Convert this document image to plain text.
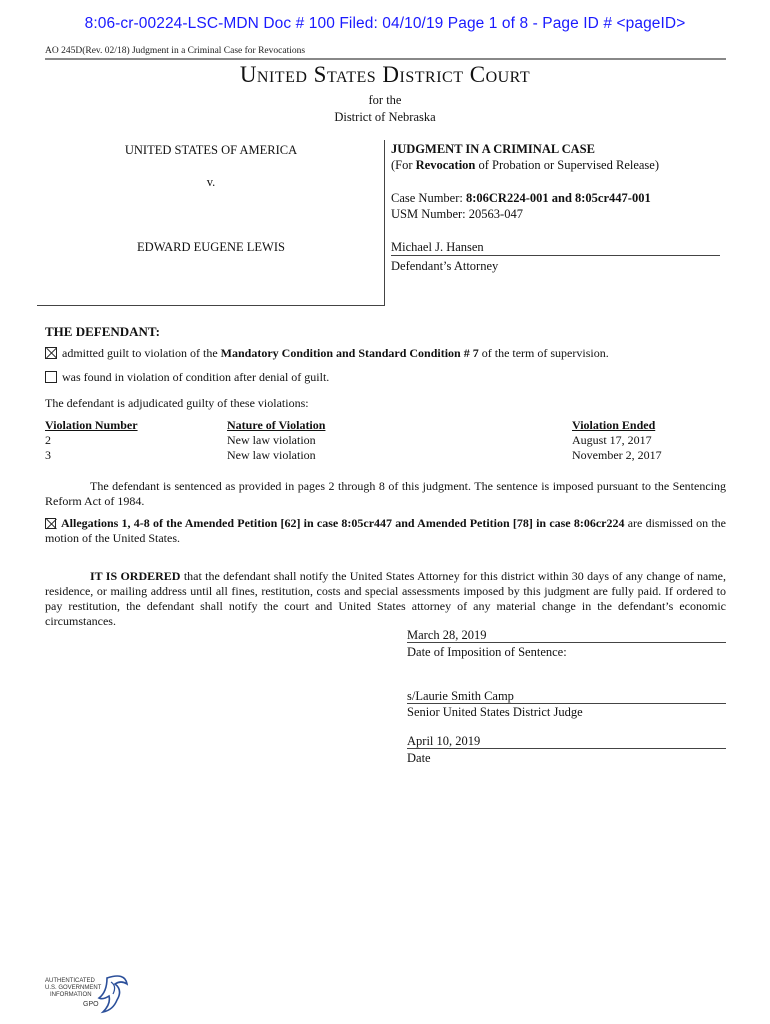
8:06-cr-00224-LSC-MDN Doc # 100 Filed: 04/10/19 Page 1 of 8 - Page ID # <pageID>
AO 245D(Rev. 02/18) Judgment in a Criminal Case for Revocations
United States District Court
for the
District of Nebraska
UNITED STATES OF AMERICA
v.
EDWARD EUGENE LEWIS
JUDGMENT IN A CRIMINAL CASE
(For Revocation of Probation or Supervised Release)
Case Number: 8:06CR224-001 and 8:05cr447-001
USM Number: 20563-047
Michael J. Hansen
Defendant’s Attorney
THE DEFENDANT:
admitted guilt to violation of the Mandatory Condition and Standard Condition # 7 of the term of supervision.
was found in violation of condition after denial of guilt.
The defendant is adjudicated guilty of these violations:
Violation Number	Nature of Violation	Violation Ended
2	New law violation	August 17, 2017
3	New law violation	November 2, 2017
The defendant is sentenced as provided in pages 2 through 8 of this judgment. The sentence is imposed pursuant to the Sentencing Reform Act of 1984.
Allegations 1, 4-8 of the Amended Petition [62] in case 8:05cr447 and Amended Petition [78] in case 8:06cr224 are dismissed on the motion of the United States.
IT IS ORDERED that the defendant shall notify the United States Attorney for this district within 30 days of any change of name, residence, or mailing address until all fines, restitution, costs and special assessments imposed by this judgment are fully paid. If ordered to pay restitution, the defendant shall notify the court and United States attorney of any material change in the defendant’s economic circumstances.
March 28, 2019
Date of Imposition of Sentence:
s/Laurie Smith Camp
Senior United States District Judge
April 10, 2019
Date
AUTHENTICATED
U.S. GOVERNMENT
INFORMATION
GPO
